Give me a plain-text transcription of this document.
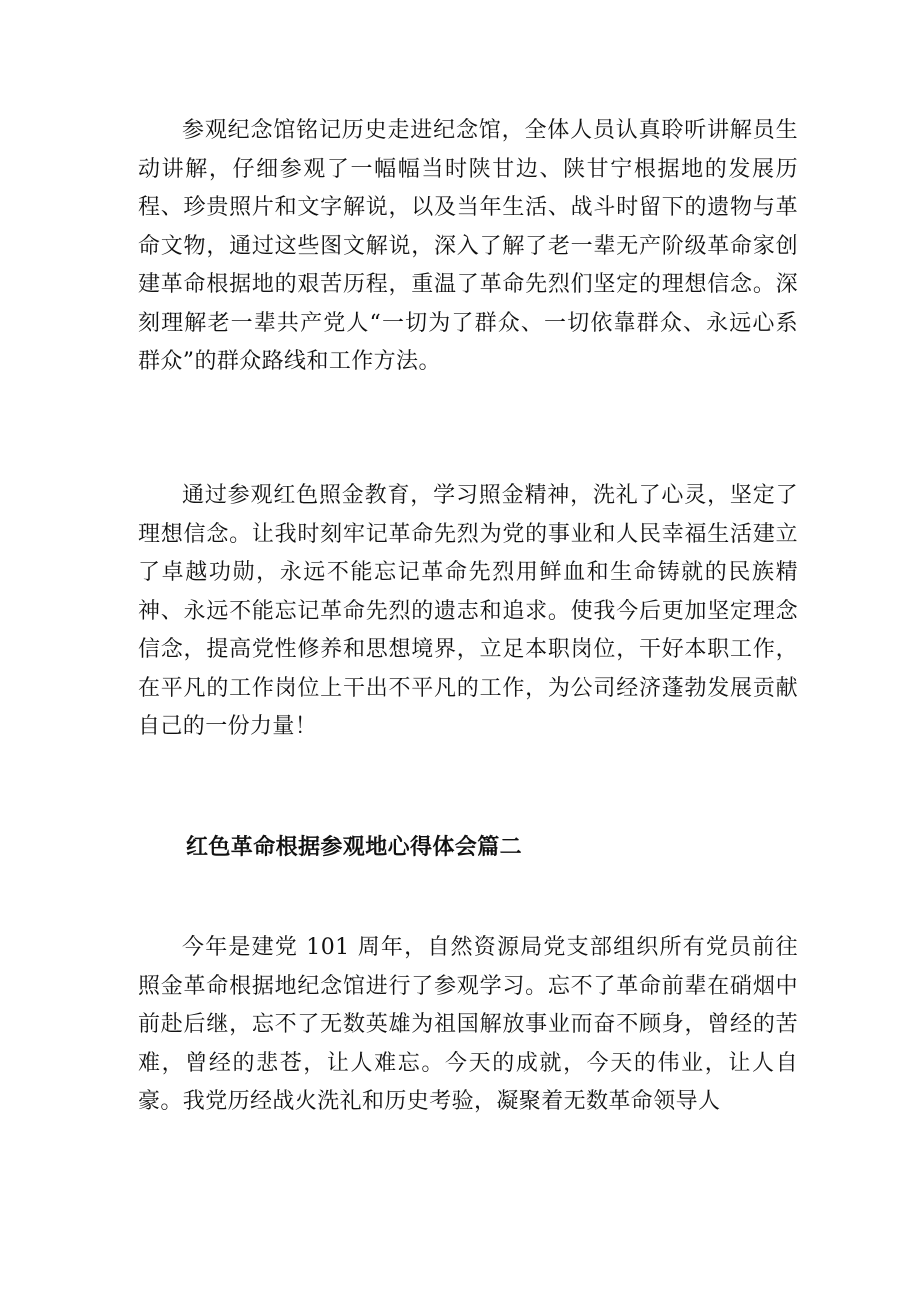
参观纪念馆铭记历史走进纪念馆，全体人员认真聆听讲解员生动讲解，仔细参观了一幅幅当时陕甘边、陕甘宁根据地的发展历程、珍贵照片和文字解说，以及当年生活、战斗时留下的遗物与革命文物，通过这些图文解说，深入了解了老一辈无产阶级革命家创建革命根据地的艰苦历程，重温了革命先烈们坚定的理想信念。深刻理解老一辈共产党人“一切为了群众、一切依靠群众、永远心系群众”的群众路线和工作方法。

通过参观红色照金教育，学习照金精神，洗礼了心灵，坚定了理想信念。让我时刻牢记革命先烈为党的事业和人民幸福生活建立了卓越功勋，永远不能忘记革命先烈用鲜血和生命铸就的民族精神、永远不能忘记革命先烈的遗志和追求。使我今后更加坚定理念信念，提高党性修养和思想境界，立足本职岗位，干好本职工作，在平凡的工作岗位上干出不平凡的工作，为公司经济蓬勃发展贡献自己的一份力量！

红色革命根据参观地心得体会篇二

今年是建党 101 周年，自然资源局党支部组织所有党员前往照金革命根据地纪念馆进行了参观学习。忘不了革命前辈在硝烟中前赴后继，忘不了无数英雄为祖国解放事业而奋不顾身，曾经的苦难，曾经的悲苍，让人难忘。今天的成就，今天的伟业，让人自豪。我党历经战火洗礼和历史考验，凝聚着无数革命领导人
